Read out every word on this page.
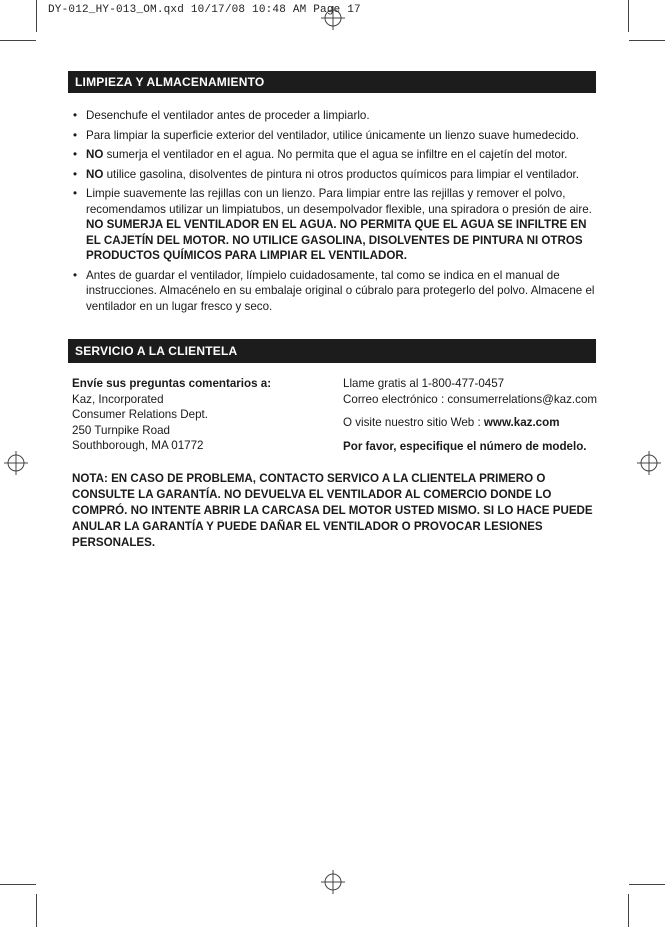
DY-012_HY-013_OM.qxd 10/17/08 10:48 AM Page 17
LIMPIEZA Y ALMACENAMIENTO
• Desenchufe el ventilador antes de proceder a limpiarlo.
• Para limpiar la superficie exterior del ventilador, utilice únicamente un lienzo suave humedecido.
• NO sumerja el ventilador en el agua. No permita que el agua se infiltre en el cajetín del motor.
• NO utilice gasolina, disolventes de pintura ni otros productos químicos para limpiar el ventilador.
• Limpie suavemente las rejillas con un lienzo. Para limpiar entre las rejillas y remover el polvo, recomendamos utilizar un limpiatubos, un desempolvador flexible, una spiradora o presión de aire.
NO SUMERJA EL VENTILADOR EN EL AGUA. NO PERMITA QUE EL AGUA SE INFILTRE EN EL CAJETÍN DEL MOTOR. NO UTILICE GASOLINA, DISOLVENTES DE PINTURA NI OTROS PRODUCTOS QUÍMICOS PARA LIMPIAR EL VENTILADOR.
• Antes de guardar el ventilador, límpielo cuidadosamente, tal como se indica en el manual de instrucciones. Almacénelo en su embalaje original o cúbralo para protegerlo del polvo. Almacene el ventilador en un lugar fresco y seco.
SERVICIO A LA CLIENTELA
Envíe sus preguntas comentarios a:
Kaz, Incorporated
Consumer Relations Dept.
250 Turnpike Road
Southborough, MA 01772
Llame gratis al 1-800-477-0457
Correo electrónico : consumerrelations@kaz.com
O visite nuestro sitio Web : www.kaz.com
Por favor, especifique el número de modelo.
NOTA: EN CASO DE PROBLEMA, CONTACTO SERVICO A LA CLIENTELA PRIMERO O CONSULTE LA GARANTÍA. NO DEVUELVA EL VENTILADOR AL COMERCIO DONDE LO COMPRÓ. NO INTENTE ABRIR LA CARCASA DEL MOTOR USTED MISMO. SI LO HACE PUEDE ANULAR LA GARANTÍA Y PUEDE DAÑAR EL VENTILADOR O PROVOCAR LESIONES PERSONALES.
